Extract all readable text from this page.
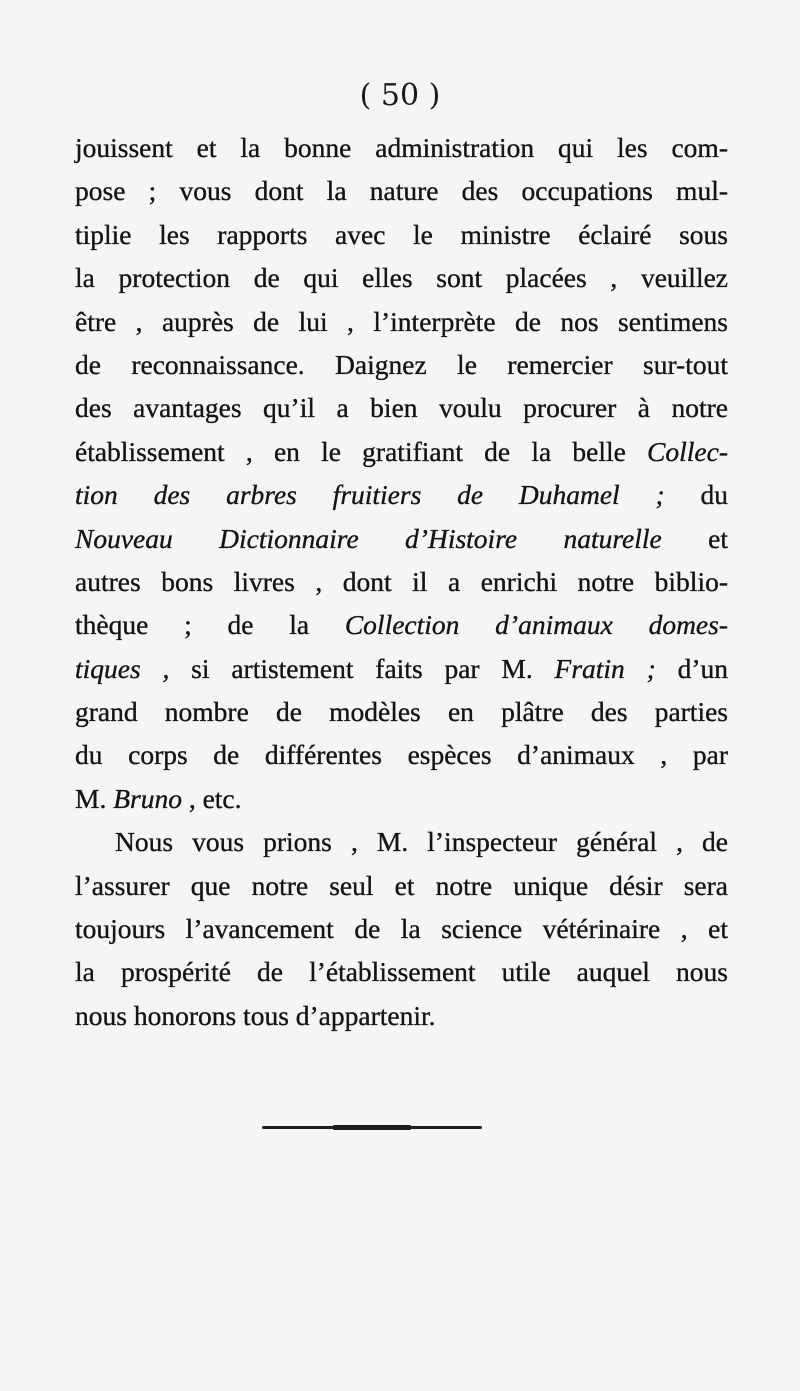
( 50 )
jouissent et la bonne administration qui les com-
pose ; vous dont la nature des occupations mul-
tiplie les rapports avec le ministre éclairé sous
la protection de qui elles sont placées , veuillez
être , auprès de lui , l’interprète de nos sentimens
de reconnaissance. Daignez le remercier sur-tout
des avantages qu’il a bien voulu procurer à notre
établissement , en le gratifiant de la belle Collec-
tion des arbres fruitiers de Duhamel ; du
Nouveau Dictionnaire d’Histoire naturelle et
autres bons livres , dont il a enrichi notre biblio-
thèque ; de la Collection d’animaux domes-
tiques , si artistement faits par M. Fratin ; d’un
grand nombre de modèles en plâtre des parties
du corps de différentes espèces d’animaux , par
M. Bruno , etc.
Nous vous prions , M. l’inspecteur général , de
l’assurer que notre seul et notre unique désir sera
toujours l’avancement de la science vétérinaire , et
la prospérité de l’établissement utile auquel nous
nous honorons tous d’appartenir.
